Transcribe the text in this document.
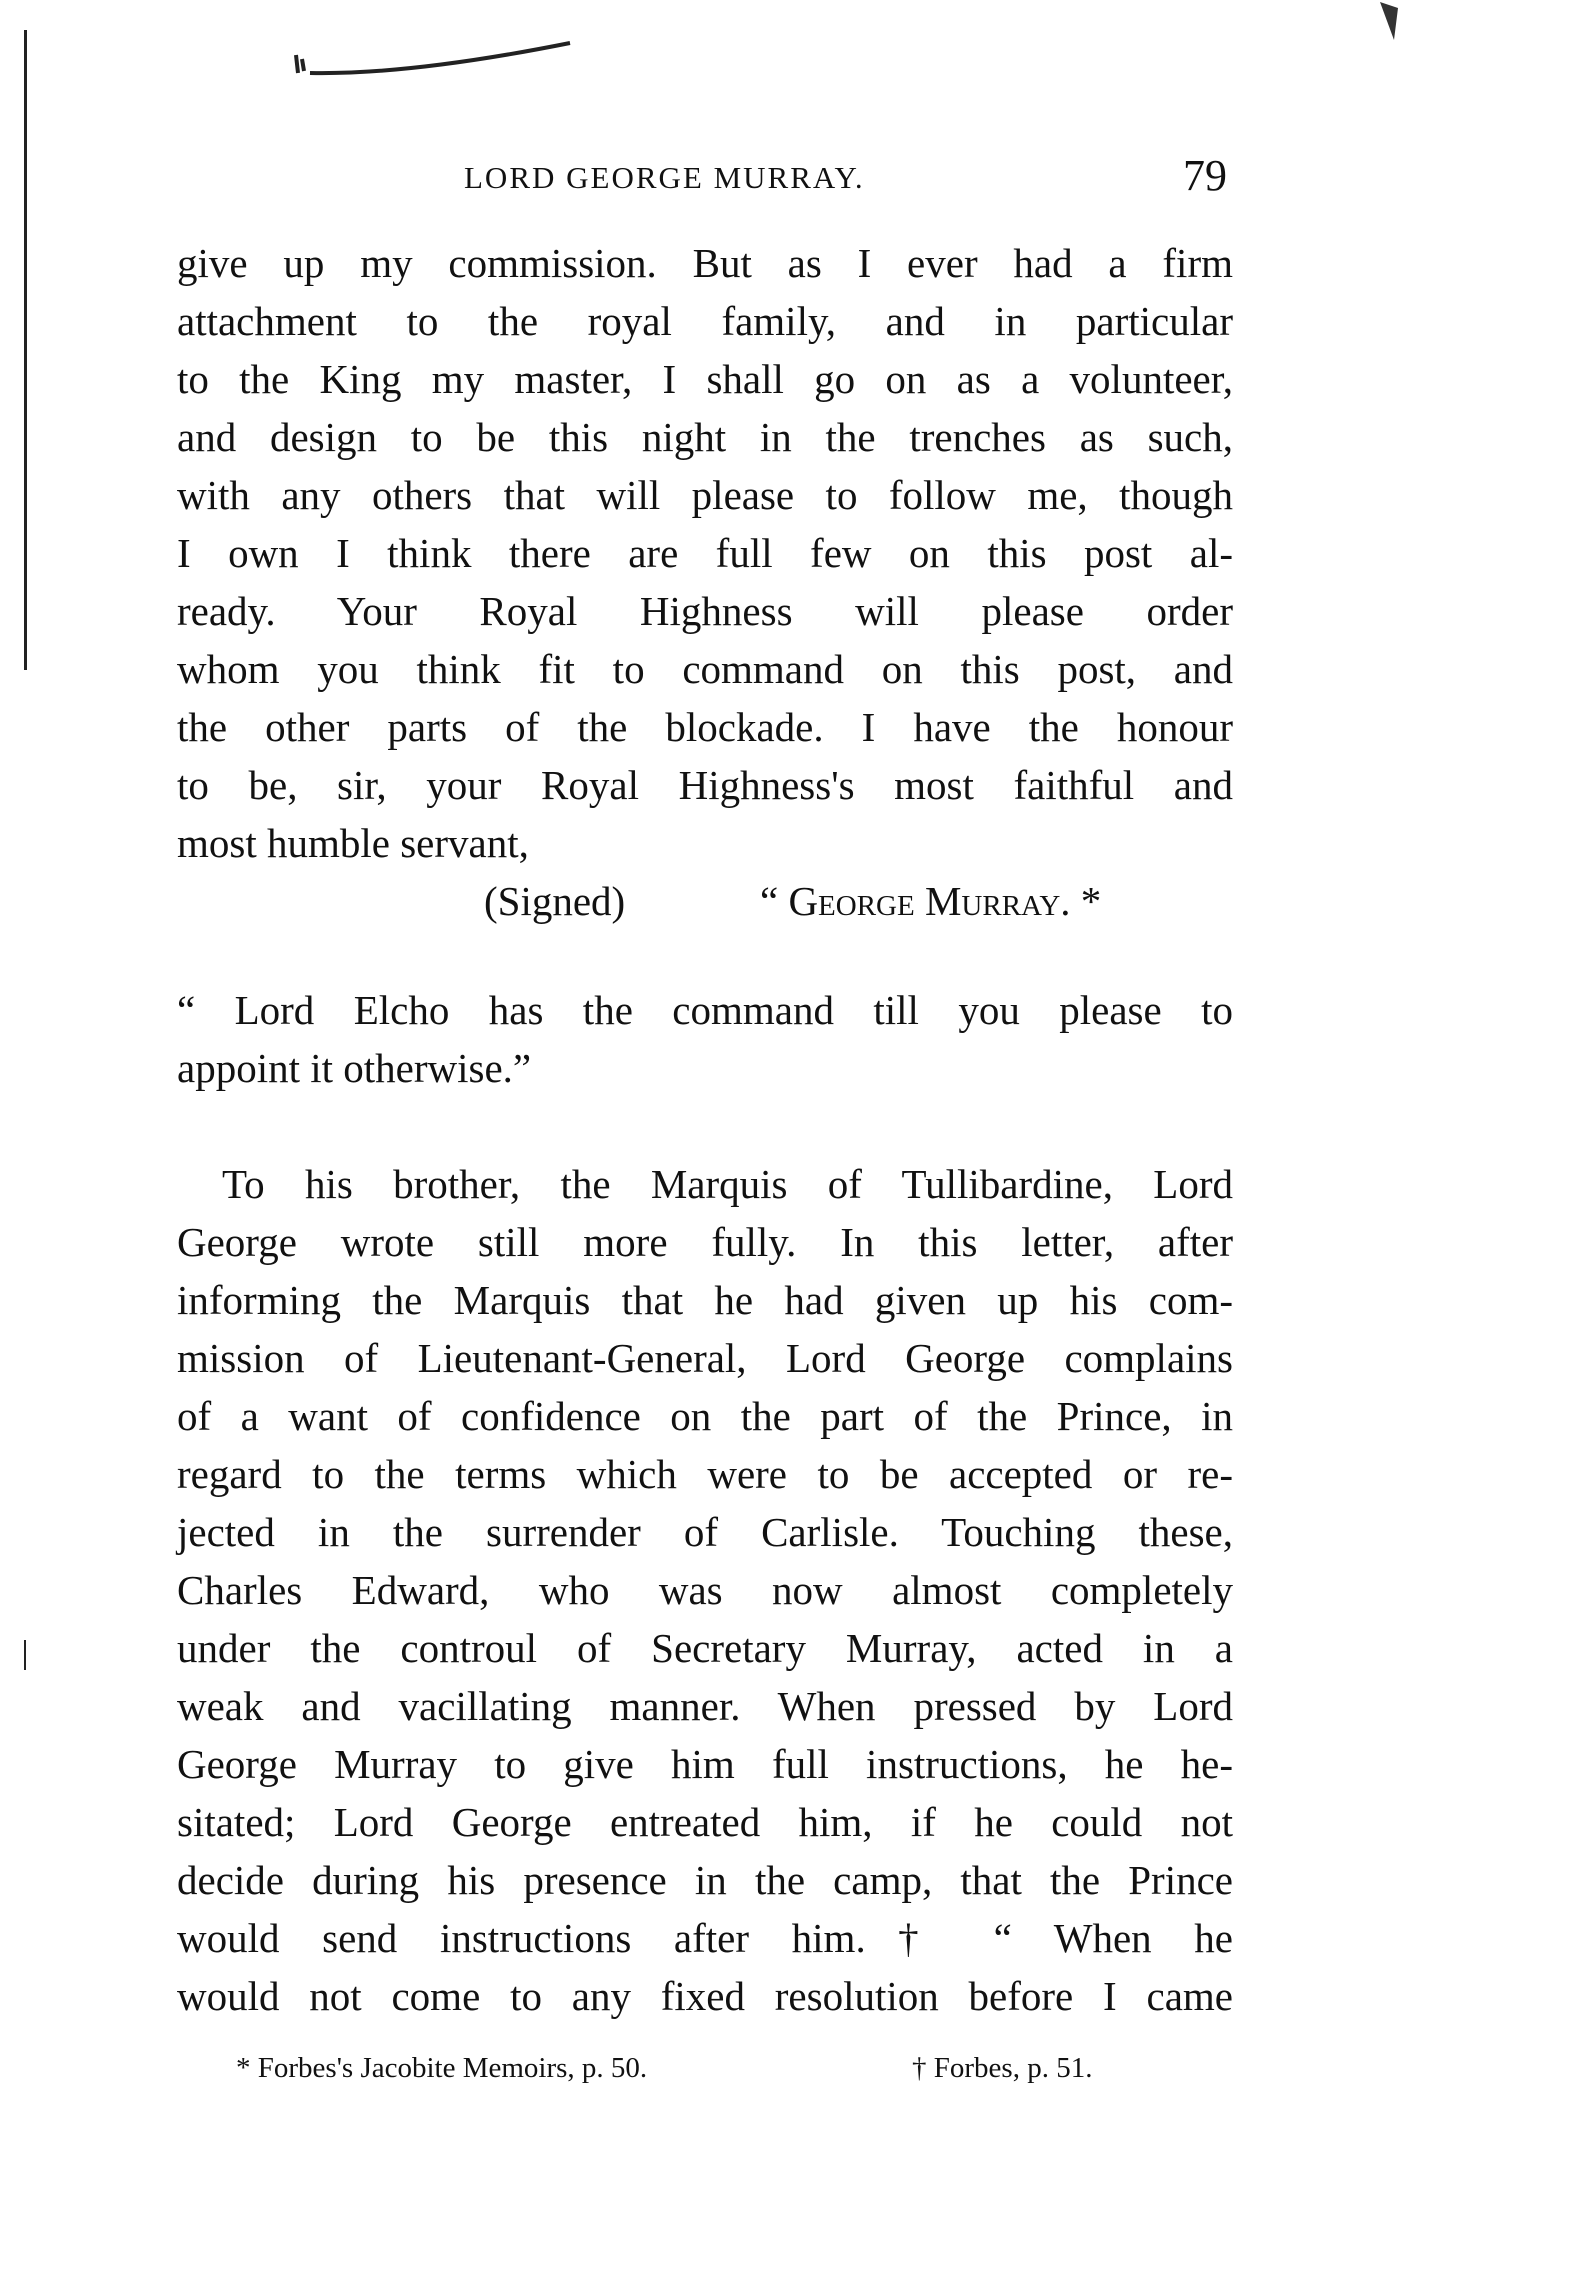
LORD GEORGE MURRAY.	79
give up my commission. But as I ever had a firm
attachment to the royal family, and in particular
to the King my master, I shall go on as a volunteer,
and design to be this night in the trenches as such,
with any others that will please to follow me, though
I own I think there are full few on this post al-
ready. Your Royal Highness will please order
whom you think fit to command on this post, and
the other parts of the blockade. I have the honour
to be, sir, your Royal Highness's most faithful and
most humble servant,
(Signed)	“ George Murray. *
“ Lord Elcho has the command till you please to
appoint it otherwise.”
To his brother, the Marquis of Tullibardine, Lord
George wrote still more fully. In this letter, after
informing the Marquis that he had given up his com-
mission of Lieutenant-General, Lord George complains
of a want of confidence on the part of the Prince, in
regard to the terms which were to be accepted or re-
jected in the surrender of Carlisle. Touching these,
Charles Edward, who was now almost completely
under the controul of Secretary Murray, acted in a
weak and vacillating manner. When pressed by Lord
George Murray to give him full instructions, he he-
sitated; Lord George entreated him, if he could not
decide during his presence in the camp, that the Prince
would send instructions after him.† “ When he
would not come to any fixed resolution before I came
* Forbes's Jacobite Memoirs, p. 50.	† Forbes, p. 51.
